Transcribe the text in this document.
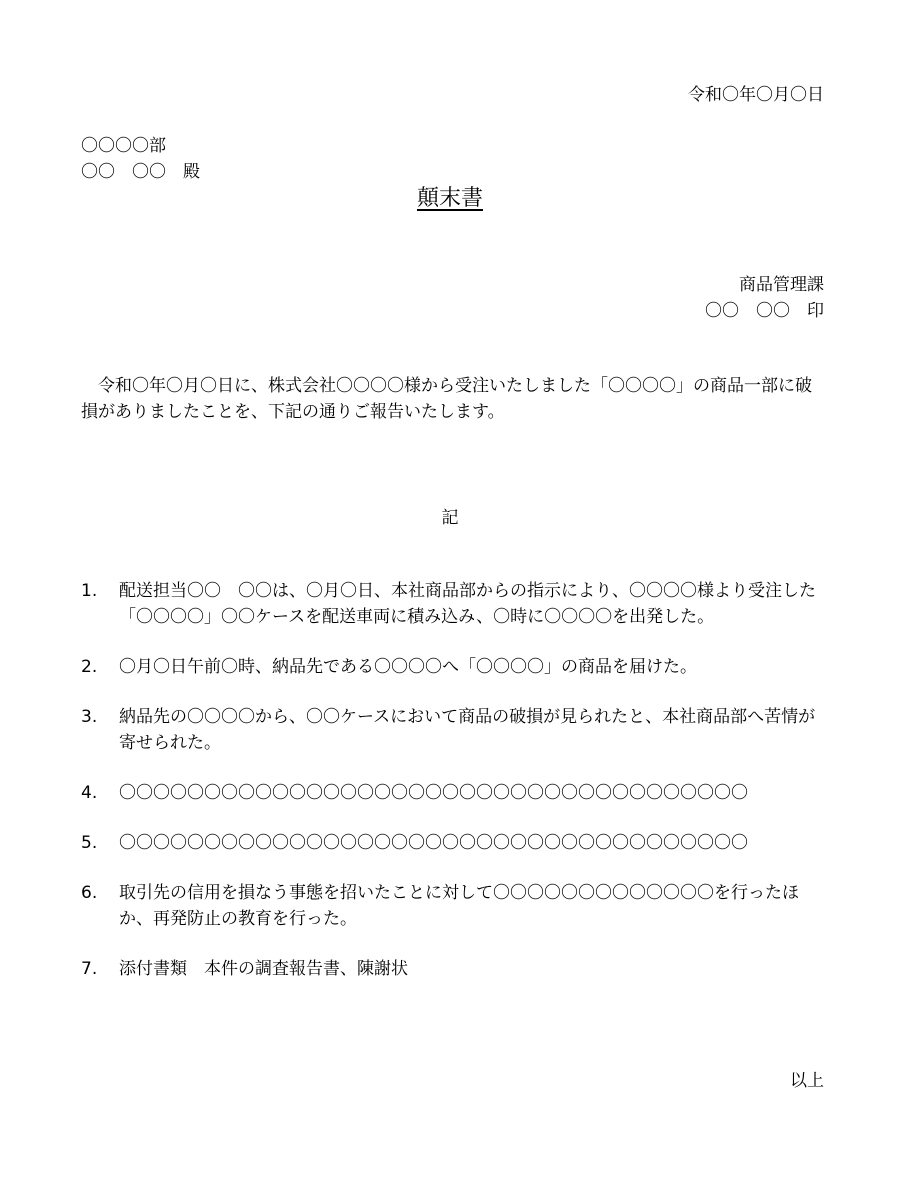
令和〇年〇月〇日
〇〇〇〇部
〇〇　〇〇　殿
顛末書
商品管理課
〇〇　〇〇　印
令和〇年〇月〇日に、株式会社〇〇〇〇様から受注いたしました「〇〇〇〇」の商品一部に破損がありましたことを、下記の通りご報告いたします。
記
1. 配送担当〇〇　〇〇は、〇月〇日、本社商品部からの指示により、〇〇〇〇様より受注した「〇〇〇〇」〇〇ケースを配送車両に積み込み、〇時に〇〇〇〇を出発した。
2. 〇月〇日午前〇時、納品先である〇〇〇〇へ「〇〇〇〇」の商品を届けた。
3. 納品先の〇〇〇〇から、〇〇ケースにおいて商品の破損が見られたと、本社商品部へ苦情が寄せられた。
4. 〇〇〇〇〇〇〇〇〇〇〇〇〇〇〇〇〇〇〇〇〇〇〇〇〇〇〇〇〇〇〇〇〇〇〇〇〇
5. 〇〇〇〇〇〇〇〇〇〇〇〇〇〇〇〇〇〇〇〇〇〇〇〇〇〇〇〇〇〇〇〇〇〇〇〇〇
6. 取引先の信用を損なう事態を招いたことに対して〇〇〇〇〇〇〇〇〇〇〇〇〇を行ったほか、再発防止の教育を行った。
7. 添付書類　本件の調査報告書、陳謝状
以上
